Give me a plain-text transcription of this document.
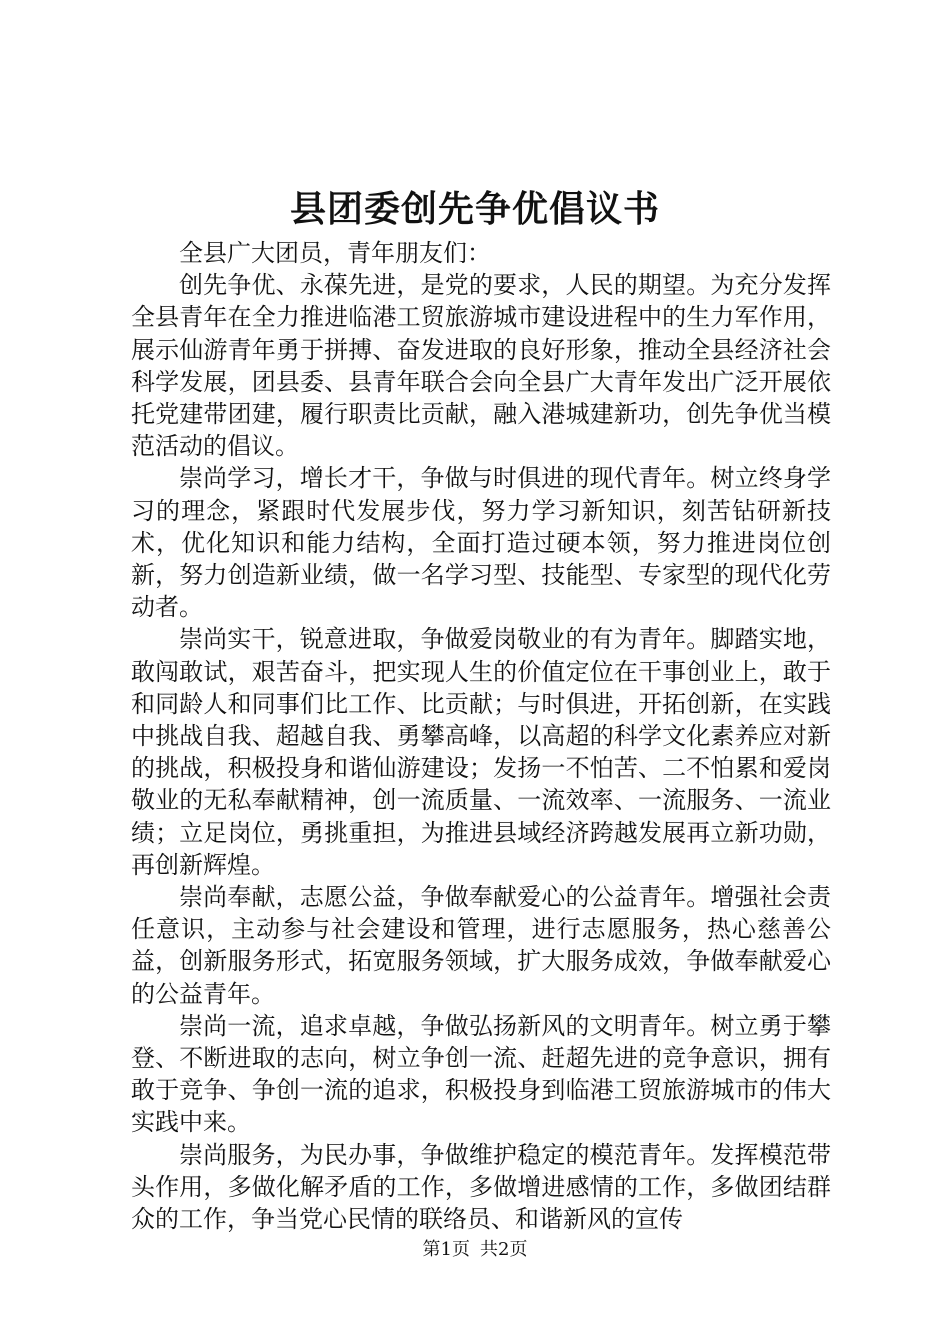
县团委创先争优倡议书

全县广大团员，青年朋友们：

创先争优、永葆先进，是党的要求，人民的期望。为充分发挥全县青年在全力推进临港工贸旅游城市建设进程中的生力军作用，展示仙游青年勇于拼搏、奋发进取的良好形象，推动全县经济社会科学发展，团县委、县青年联合会向全县广大青年发出广泛开展依托党建带团建，履行职责比贡献，融入港城建新功，创先争优当模范活动的倡议。

崇尚学习，增长才干，争做与时俱进的现代青年。树立终身学习的理念，紧跟时代发展步伐，努力学习新知识，刻苦钻研新技术，优化知识和能力结构，全面打造过硬本领，努力推进岗位创新，努力创造新业绩，做一名学习型、技能型、专家型的现代化劳动者。

崇尚实干，锐意进取，争做爱岗敬业的有为青年。脚踏实地，敢闯敢试，艰苦奋斗，把实现人生的价值定位在干事创业上，敢于和同龄人和同事们比工作、比贡献；与时俱进，开拓创新，在实践中挑战自我、超越自我、勇攀高峰，以高超的科学文化素养应对新的挑战，积极投身和谐仙游建设；发扬一不怕苦、二不怕累和爱岗敬业的无私奉献精神，创一流质量、一流效率、一流服务、一流业绩；立足岗位，勇挑重担，为推进县域经济跨越发展再立新功勋，再创新辉煌。

崇尚奉献，志愿公益，争做奉献爱心的公益青年。增强社会责任意识，主动参与社会建设和管理，进行志愿服务，热心慈善公益，创新服务形式，拓宽服务领域，扩大服务成效，争做奉献爱心的公益青年。

崇尚一流，追求卓越，争做弘扬新风的文明青年。树立勇于攀登、不断进取的志向，树立争创一流、赶超先进的竞争意识，拥有敢于竞争、争创一流的追求，积极投身到临港工贸旅游城市的伟大实践中来。

崇尚服务，为民办事，争做维护稳定的模范青年。发挥模范带头作用，多做化解矛盾的工作，多做增进感情的工作，多做团结群众的工作，争当党心民情的联络员、和谐新风的宣传

第1页 共2页
